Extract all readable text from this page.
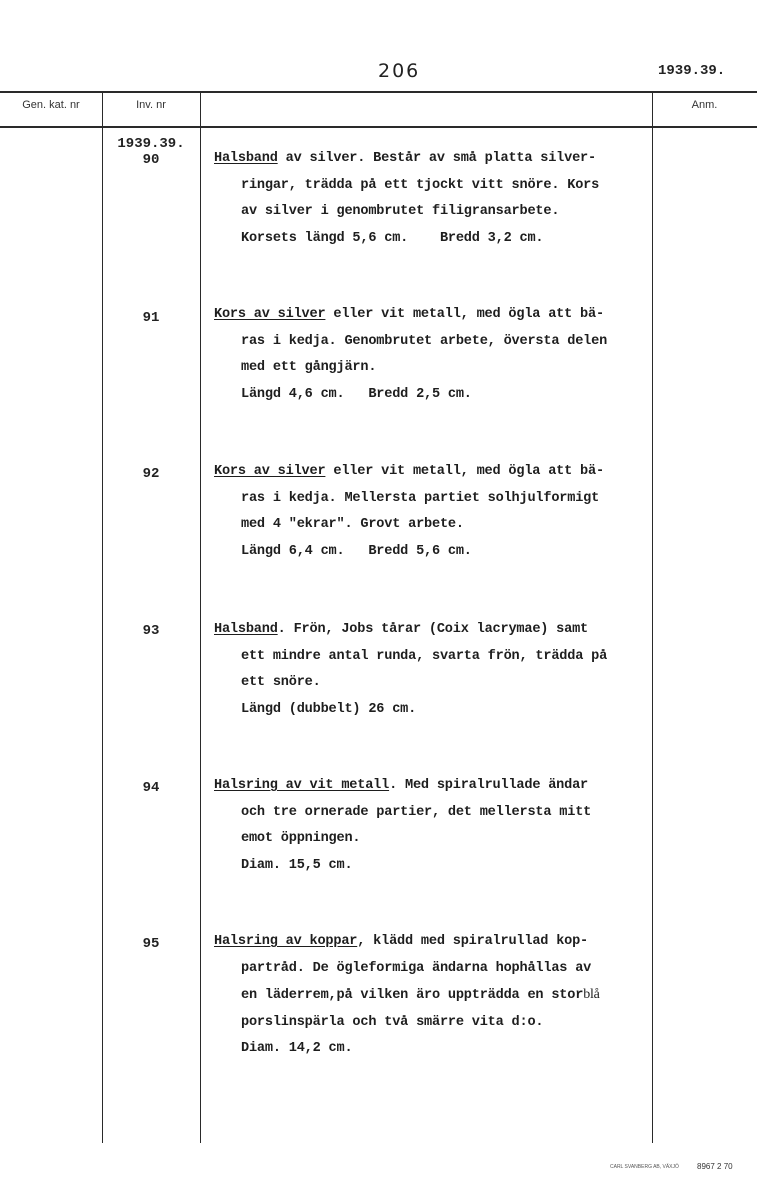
206	1939.39.
Gen. kat. nr	Inv. nr	Anm.
1939.39.
90	Halsband av silver. Består av små platta silver-
ringar, trädda på ett tjockt vitt snöre. Kors
av silver i genombrutet filigransarbete.
Korsets längd 5,6 cm.    Bredd 3,2 cm.
91	Kors av silver eller vit metall, med ögla att bä-
ras i kedja. Genombrutet arbete, översta delen
med ett gångjärn.
Längd 4,6 cm.   Bredd 2,5 cm.
92	Kors av silver eller vit metall, med ögla att bä-
ras i kedja. Mellersta partiet solhjulformigt
med 4 "ekrar". Grovt arbete.
Längd 6,4 cm.   Bredd 5,6 cm.
93	Halsband. Frön, Jobs tårar (Coix lacrymae) samt
ett mindre antal runda, svarta frön, trädda på
ett snöre.
Längd (dubbelt) 26 cm.
94	Halsring av vit metall. Med spiralrullade ändar
och tre ornerade partier, det mellersta mitt
emot öppningen.
Diam. 15,5 cm.
95	Halsring av koppar, klädd med spiralrullad kop-
partråd. De ögleformiga ändarna hophållas av
en läderrem,på vilken äro uppträdda en storblå
porslinspärla och två smärre vita d:o.
Diam. 14,2 cm.
CARL SVANBERG AB, VÄXJÖ 8967 2 70
